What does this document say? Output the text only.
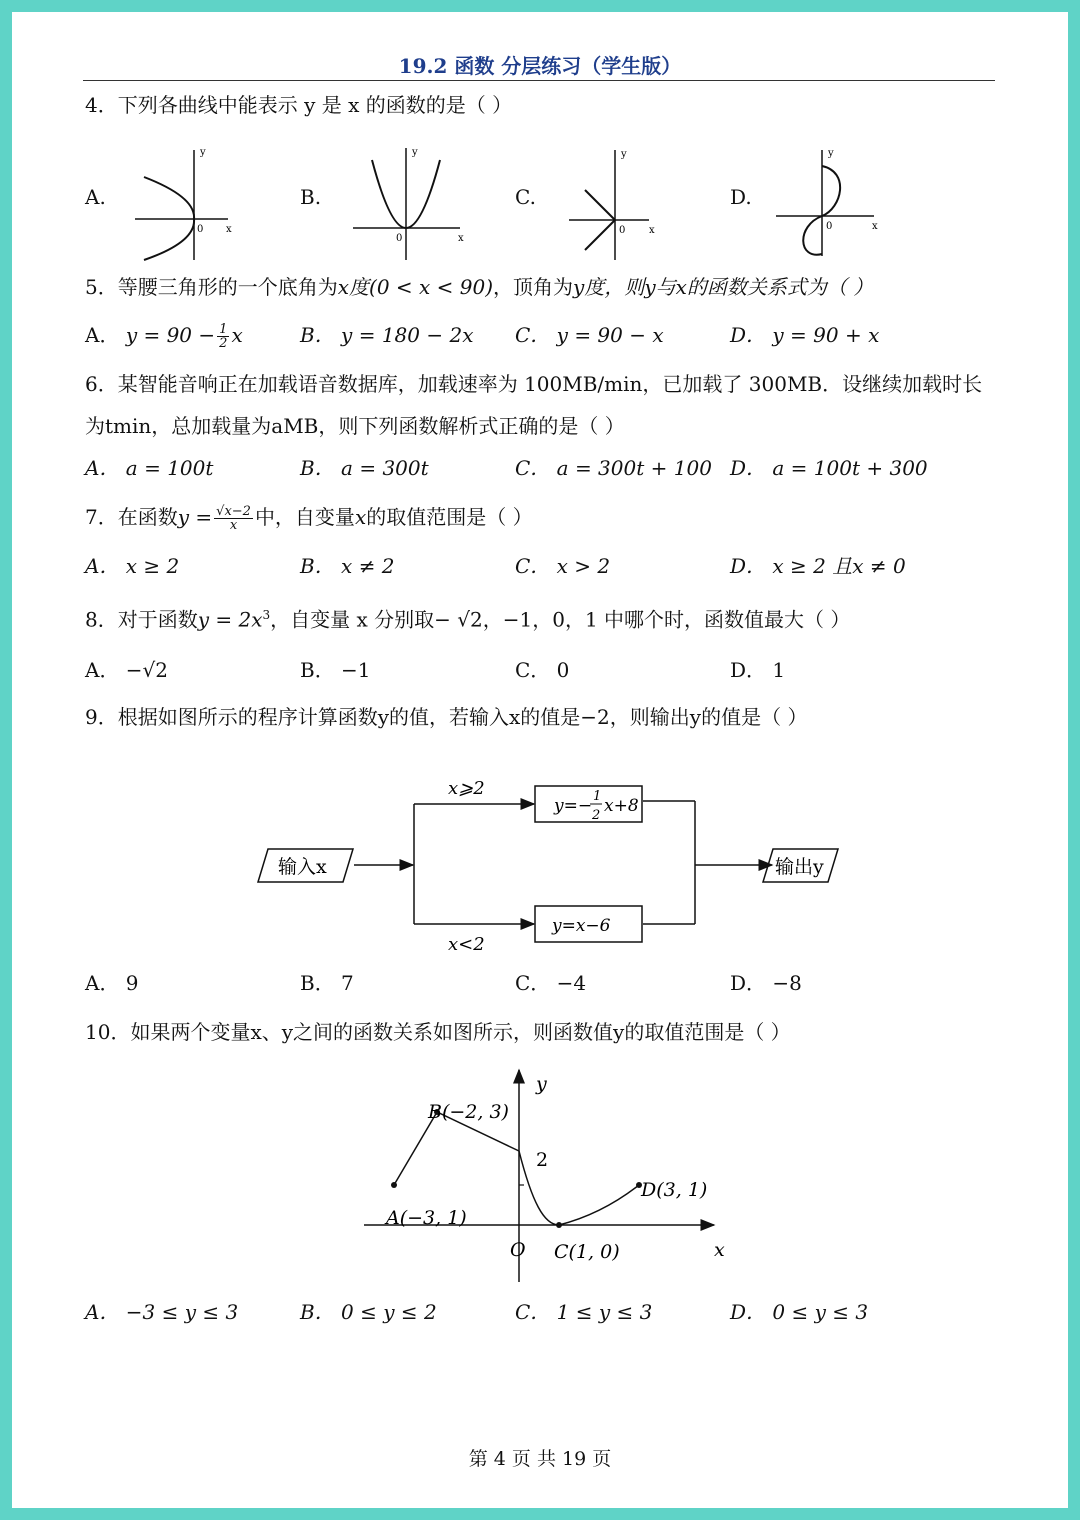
19.2 函数 分层练习（学生版）
4．下列各曲线中能表示 y 是 x 的函数的是（ ）
A.
y
x
0
B.
y
x
0
C.
y
x
0
D.
y
x
0
5．等腰三角形的一个底角为x度(0 < x < 90)，顶角为y度，则y与x的函数关系式为（ ）
A． $y = 90 - \frac{1}{2}$ x	B． y = 180 − 2x C． y = 90 − x	D． y = 90 + x
6．某智能音响正在加载语音数据库，加载速率为 100MB/min，已加载了 300MB．设继续加载时长
为tmin，总加载量为aMB，则下列函数解析式正确的是（ ）
A． a = 100t	B． a = 300t	C． a = 300t + 100 D． a = 100t + 300
7．在函数$y = \frac{√x-2}{x}$ 中，自变量x的取值范围是（ ）
A． x ≥ 2	B． x ≠ 2	C． x > 2	D． x ≥ 2 且x ≠ 0
8．对于函数$y = 2x^3$，自变量 x 分别取− √2，−1，0，1 中哪个时，函数值最大（ ）
A． −√2	B． −1	C． 0	D． 1
9．根据如图所示的程序计算函数y的值，若输入x的值是−2，则输出y的值是（ ）
输入x
x⩾2
x<2
y=− 1
2 x+8
y=x−6
输出y
A． 9	B． 7	C． −4	D． −8
10．如果两个变量x、y之间的函数关系如图所示，则函数值y的取值范围是（ ）
B(−2, 3)
A(−3, 1)
C(1, 0)
D(3, 1)
2
O	x
y
A． −3 ≤ y ≤ 3	B． 0 ≤ y ≤ 2	C． 1 ≤ y ≤ 3	D． 0 ≤ y ≤ 3
第 4 页 共 19 页
